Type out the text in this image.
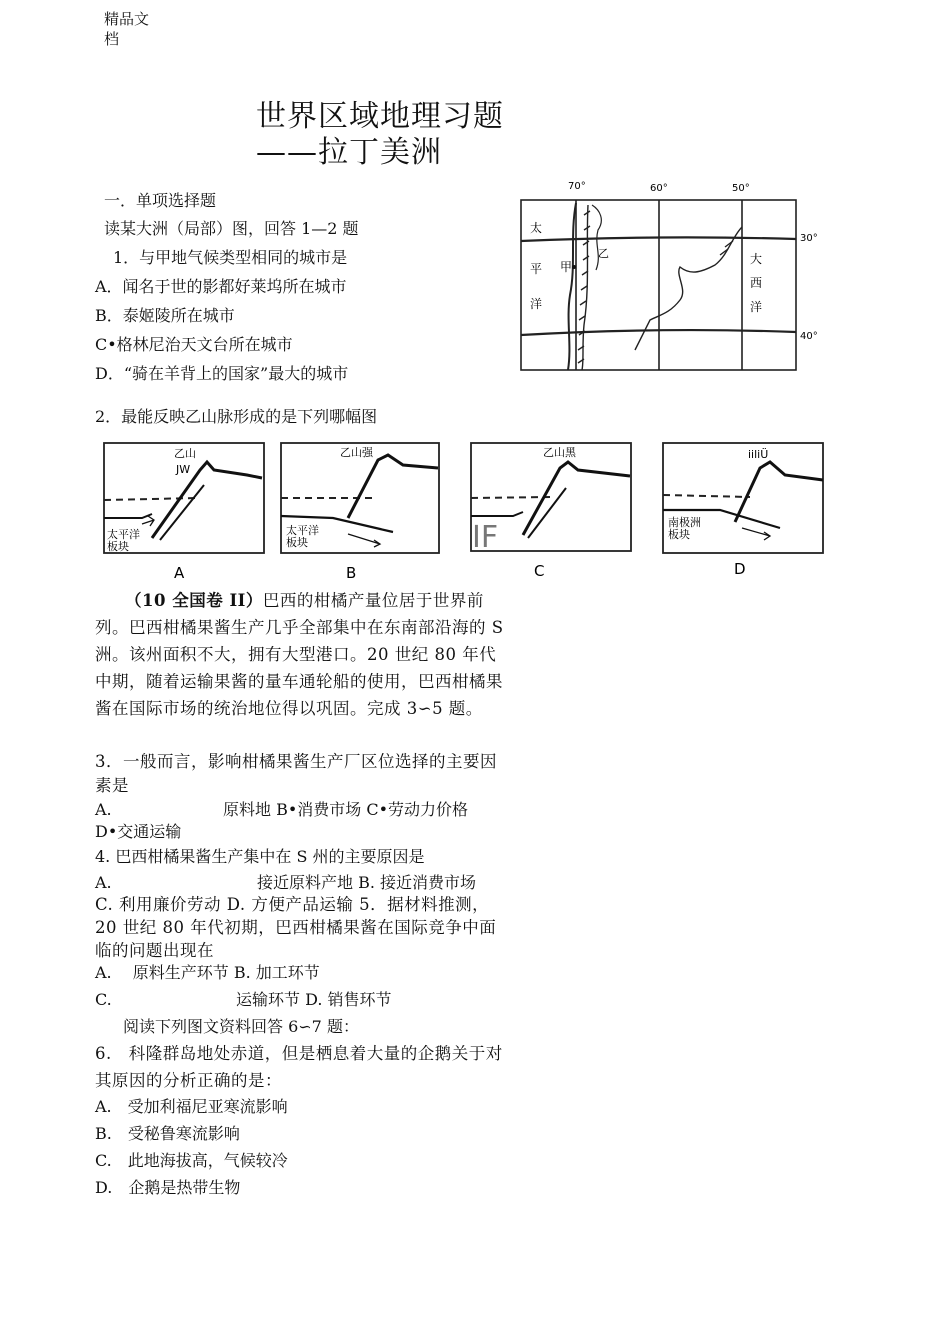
精品文
档
世界区域地理习题
——拉丁美洲
一．单项选择题
读某大洲（局部）图，回答 1—2 题
1．与甲地气候类型相同的城市是
A．闻名于世的影都好莱坞所在城市
B．泰姬陵所在城市
C•格林尼治天文台所在城市
D．“骑在羊背上的国家”最大的城市
70°	60°	50°
30°
40°
太
平
洋
大
西
洋
甲
乙
2．最能反映乙山脉形成的是下列哪幅图
乙山
JW
太平洋
板块
A
乙山强
太平洋
板块
B
乙山黑
IF
C
iiliÜ
南极洲
板块
D
（10 全国卷 II）巴西的柑橘产量位居于世界前列。巴西柑橘果酱生产几乎全部集中在东南部沿海的 S 洲。该州面积不大，拥有大型港口。20 世纪 80 年代中期，随着运输果酱的量车通轮船的使用，巴西柑橘果酱在国际市场的统治地位得以巩固。完成 3∽5 题。
3．一般而言，影响柑橘果酱生产厂区位选择的主要因素是
A.	原料地 B•消费市场 C•劳动力价格
D•交通运输
4. 巴西柑橘果酱生产集中在 S 州的主要原因是
A.	接近原料产地 B. 接近消费市场
C. 利用廉价劳动 D. 方便产品运输 5．据材料推测，20 世纪 80 年代初期，巴西柑橘果酱在国际竞争中面临的问题出现在
A.　 原料生产环节 B. 加工环节
C.	运输环节 D. 销售环节
阅读下列图文资料回答 6∽7 题：
6.　科隆群岛地处赤道，但是栖息着大量的企鹅关于对其原因的分析正确的是：
A.　受加利福尼亚寒流影响
B.　受秘鲁寒流影响
C.　此地海拔高，气候较冷
D.　企鹅是热带生物
